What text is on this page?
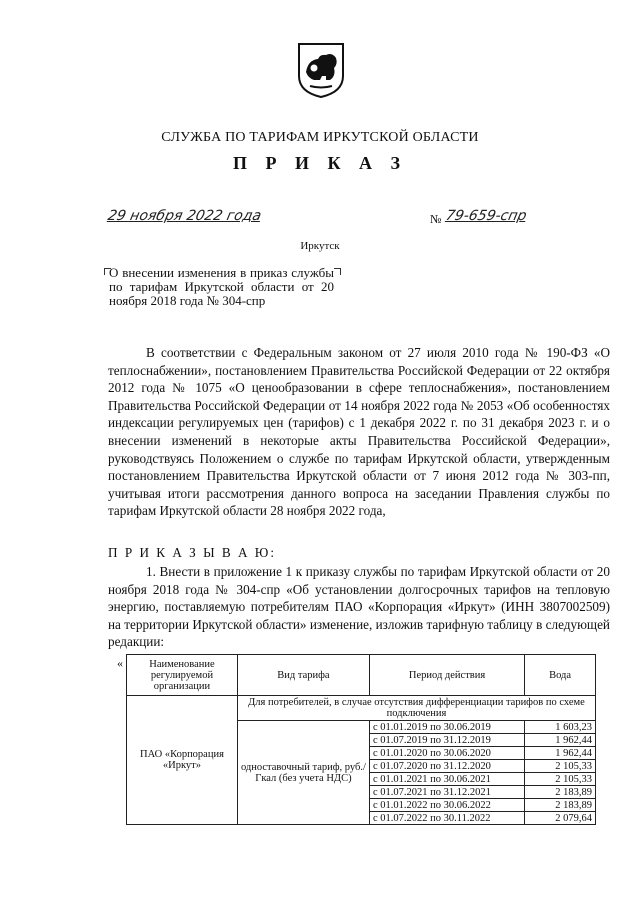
СЛУЖБА ПО ТАРИФАМ ИРКУТСКОЙ ОБЛАСТИ
П Р И К А З
29 ноября 2022 года	№ 79-659-спр
Иркутск
О внесении изменения в приказ службы по тарифам Иркутской области от 20 ноября 2018 года № 304-спр
В соответствии с Федеральным законом от 27 июля 2010 года № 190-ФЗ «О теплоснабжении», постановлением Правительства Российской Федерации от 22 октября 2012 года № 1075 «О ценообразовании в сфере теплоснабжения», постановлением Правительства Российской Федерации от 14 ноября 2022 года № 2053 «Об особенностях индексации регулируемых цен (тарифов) с 1 декабря 2022 г. по 31 декабря 2023 г. и о внесении изменений в некоторые акты Правительства Российской Федерации», руководствуясь Положением о службе по тарифам Иркутской области, утвержденным постановлением Правительства Иркутской области от 7 июня 2012 года № 303-пп, учитывая итоги рассмотрения данного вопроса на заседании Правления службы по тарифам Иркутской области 28 ноября 2022 года,
П Р И К А З Ы В А Ю:
1. Внести в приложение 1 к приказу службы по тарифам Иркутской области от 20 ноября 2018 года № 304-спр «Об установлении долгосрочных тарифов на тепловую энергию, поставляемую потребителям ПАО «Корпорация «Иркут» (ИНН 3807002509) на территории Иркутской области» изменение, изложив тарифную таблицу в следующей редакции:
« Наименование регулируемой организации	Вид тарифа	Период действия	Вода
ПАО «Корпорация «Иркут»	Для потребителей, в случае отсутствия дифференциации тарифов по схеме подключения		
	одноставочный тариф, руб./Гкал (без учета НДС)	с 01.01.2019 по 30.06.2019	1 603,23
		с 01.07.2019 по 31.12.2019	1 962,44
		с 01.01.2020 по 30.06.2020	1 962,44
		с 01.07.2020 по 31.12.2020	2 105,33
		с 01.01.2021 по 30.06.2021	2 105,33
		с 01.07.2021 по 31.12.2021	2 183,89
		с 01.01.2022 по 30.06.2022	2 183,89
		с 01.07.2022 по 30.11.2022	2 079,64
